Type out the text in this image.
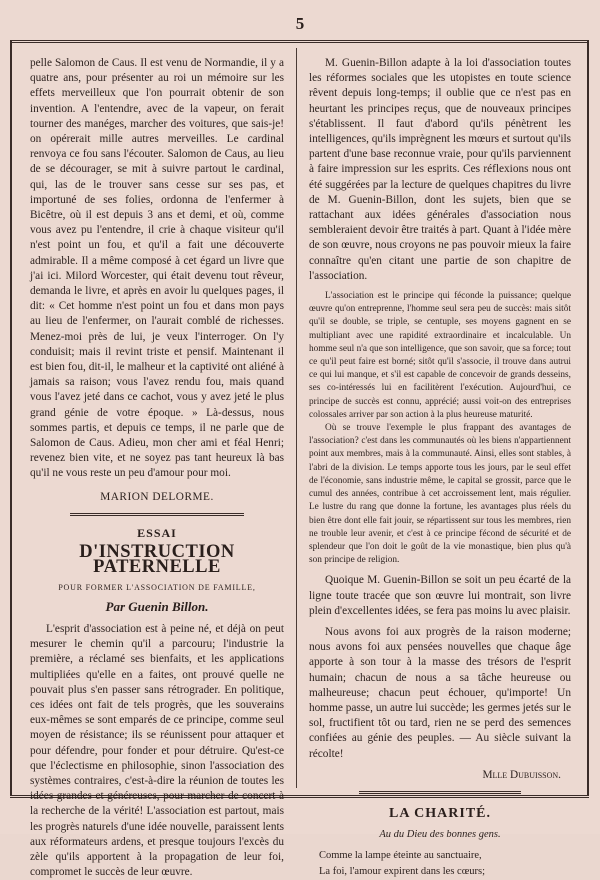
5

pelle Salomon de Caus. Il est venu de Normandie, il y a quatre ans, pour présenter au roi un mémoire sur les effets merveilleux que l'on pourrait obtenir de son invention. A l'entendre, avec de la vapeur, on ferait tourner des manéges, marcher des voitures, que sais-je! on opérerait mille autres merveilles. Le cardinal renvoya ce fou sans l'écouter. Salomon de Caus, au lieu de se décourager, se mit à suivre partout le cardinal, qui, las de le trouver sans cesse sur ses pas, et importuné de ses folies, ordonna de l'enfermer à Bicêtre, où il est depuis 3 ans et demi, et où, comme vous avez pu l'entendre, il crie à chaque visiteur qu'il n'est point un fou, et qu'il a fait une découverte admirable. Il a même composé à cet égard un livre que j'ai ici. Milord Worcester, qui était devenu tout rêveur, demanda le livre, et après en avoir lu quelques pages, il dit: « Cet homme n'est point un fou et dans mon pays au lieu de l'enfermer, on l'aurait comblé de richesses. Menez-moi près de lui, je veux l'interroger. On l'y conduisit; mais il revint triste et pensif. Maintenant il est bien fou, dit-il, le malheur et la captivité ont aliéné à jamais sa raison; vous l'avez rendu fou, mais quand vous l'avez jeté dans ce cachot, vous y avez jeté le plus grand génie de votre époque. » Là-dessus, nous sommes partis, et depuis ce temps, il ne parle que de Salomon de Caus. Adieu, mon cher ami et féal Henri; revenez bien vite, et ne soyez pas tant heureux là bas qu'il ne vous reste un peu d'amour pour moi.

MARION DELORME.
ESSAI
D'INSTRUCTION PATERNELLE
POUR FORMER L'ASSOCIATION DE FAMILLE,
Par Guenin Billon.

L'esprit d'association est à peine né, et déjà on peut mesurer le chemin qu'il a parcouru; l'industrie la première, a réclamé ses bienfaits, et les applications multipliées qu'elle en a faites, ont prouvé quelle ne pouvait plus s'en passer sans rétrograder. En politique, ces idées ont fait de tels progrès, que les souverains eux-mêmes se sont emparés de ce principe, comme seul moyen de résistance; ils se réunissent pour attaquer et pour défendre, pour fonder et pour détruire. Qu'est-ce que l'éclectisme en philosophie, sinon l'association des systèmes contraires, c'est-à-dire la réunion de toutes les idées grandes et généreuses, pour marcher de concert à la recherche de la vérité! L'association est partout, mais les progrès naturels d'une idée nouvelle, paraissent lents aux réformateurs ardens, et presque toujours l'excès du zèle qu'ils apportent à la propagation de leur foi, compromet le succès de leur œuvre.

M. Guenin-Billon adapte à la loi d'association toutes les réformes sociales que les utopistes en toute science rêvent depuis long-temps; il oublie que ce n'est pas en heurtant les principes reçus, que de nouveaux principes s'établissent. Il faut d'abord qu'ils pénètrent les intelligences, qu'ils imprègnent les mœurs et surtout qu'ils partent d'une base reconnue vraie, pour qu'ils parviennent à faire impression sur les esprits. Ces réflexions nous ont été suggérées par la lecture de quelques chapitres du livre de M. Guenin-Billon, dont les sujets, bien que se rattachant aux idées générales d'association nous sembleraient devoir être traités à part. Quant à l'idée mère de son œuvre, nous croyons ne pas pouvoir mieux la faire connaître qu'en citant une partie de son chapitre de l'association.

L'association est le principe qui féconde la puissance; quelque œuvre qu'on entreprenne, l'homme seul sera peu de succès: mais sitôt qu'il se double, se triple, se centuple, ses moyens gagnent en se multipliant avec une rapidité extraordinaire et incalculable. Un homme seul n'a que son intelligence, que son savoir, que sa force; tout ce qu'il peut faire est borné; sitôt qu'il s'associe, il trouve dans autrui ce qui lui manque, et s'il est capable de concevoir de grands desseins, ses co-intéressés lui en facilitèrent l'exécution. Aujourd'hui, ce principe de succès est connu, apprécié; aussi voit-on des entreprises colossales arriver par son action à la plus heureuse maturité.

Où se trouve l'exemple le plus frappant des avantages de l'association? c'est dans les communautés où les biens n'appartiennent point aux membres, mais à la communauté. Ainsi, elles sont stables, à l'abri de la division. Le temps apporte tous les jours, par le seul effet de l'économie, sans industrie même, le capital se grossit, parce que le cumul des années, contribue à cet accroissement lent, mais régulier. Le lustre du rang que donne la fortune, les avantages plus réels du bien être dont elle fait jouir, se répartissent sur tous les membres, rien ne trouble leur avenir, et c'est à ce principe fécond de sécurité et de splendeur que l'on doit le goût de la vie monastique, bien plus qu'à son principe de religion.

Quoique M. Guenin-Billon se soit un peu écarté de la ligne toute tracée que son œuvre lui montrait, son livre plein d'excellentes idées, se fera pas moins lu avec plaisir.

Nous avons foi aux progrès de la raison moderne; nous avons foi aux pensées nouvelles que chaque âge apporte à son tour à la masse des trésors de l'esprit humain; chacun de nous a sa tâche heureuse ou malheureuse; chacun peut échouer, qu'importe! Un homme passe, un autre lui succède; les germes jetés sur le sol, fructifient tôt ou tard, rien ne se perd des semences confiées au génie des peuples. — Au siècle suivant la récolte!

Mlle Dubuisson.
LA CHARITÉ.
Au du Dieu des bonnes gens.
Comme la lampe éteinte au sanctuaire,
La foi, l'amour expirent dans les cœurs;
